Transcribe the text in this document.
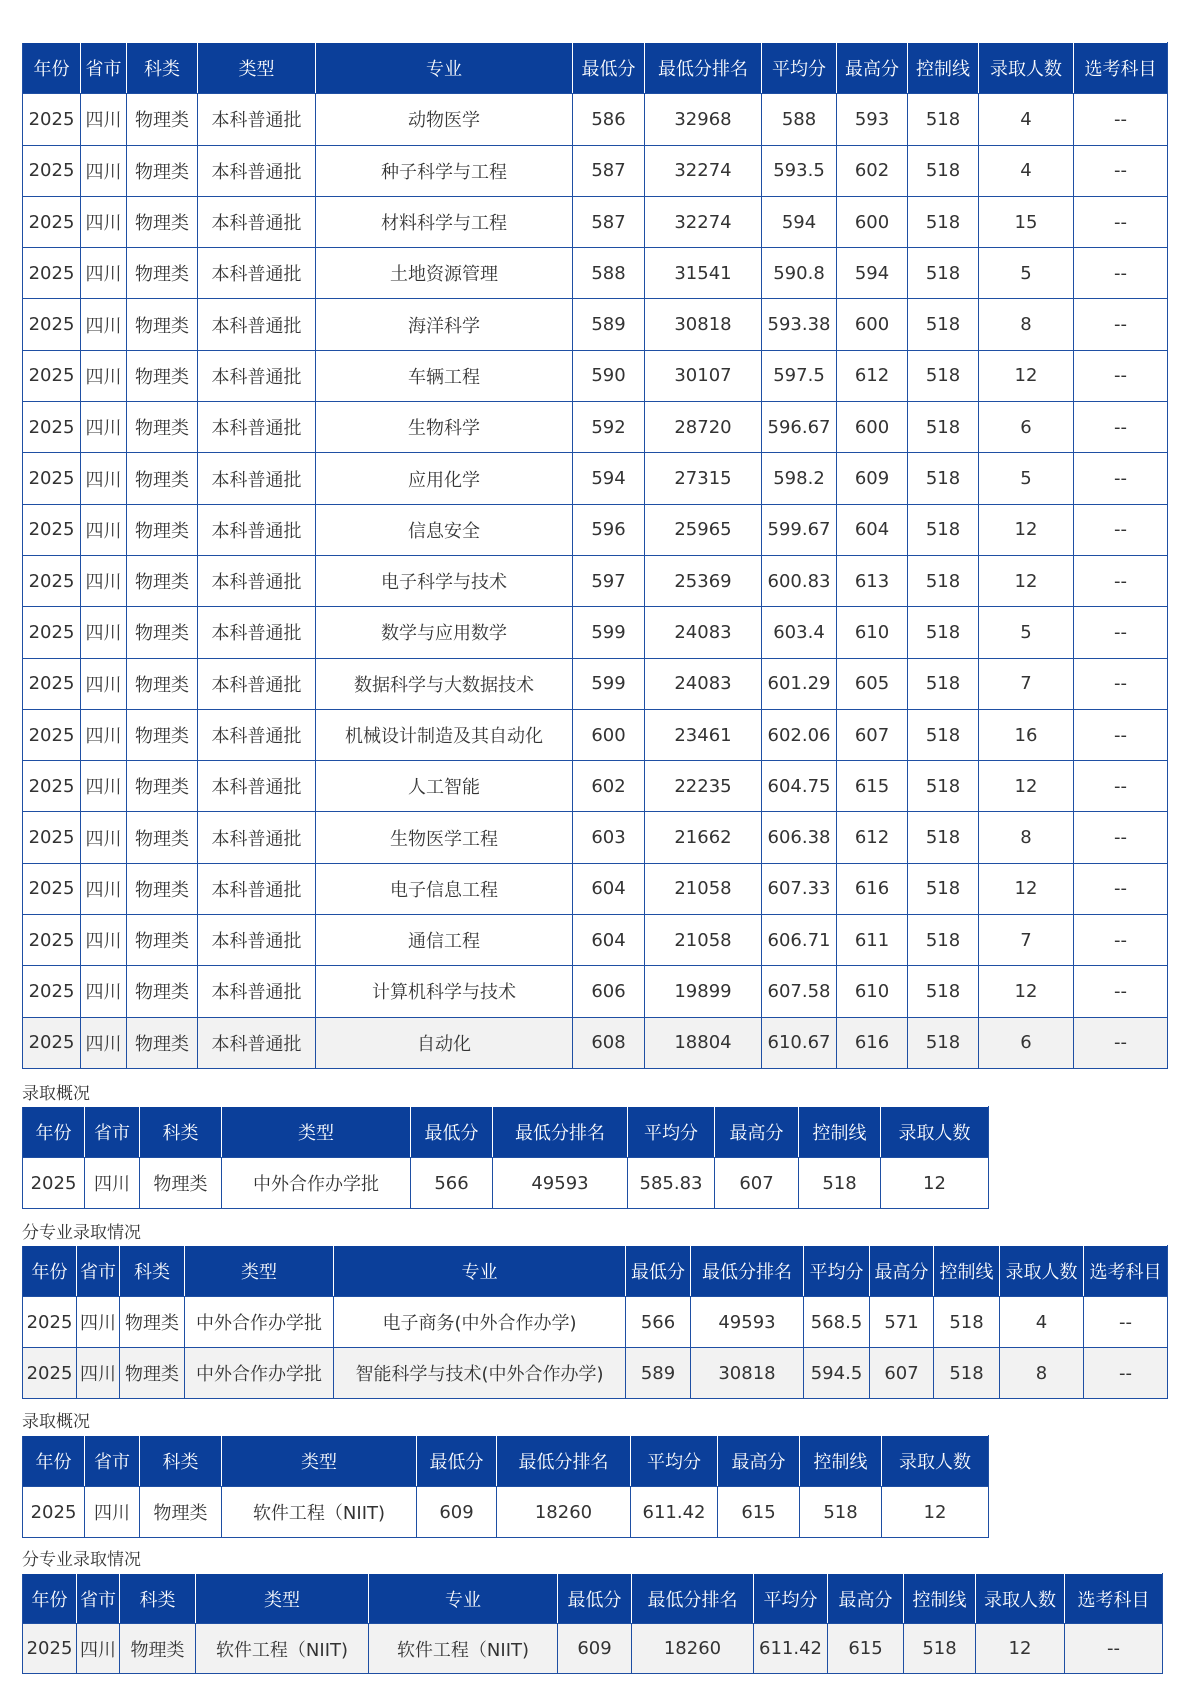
年份	省市	科类	类型	专业	最低分	最低分排名	平均分	最高分	控制线	录取人数	选考科目
2025	四川	物理类	本科普通批	动物医学	586	32968	588	593	518	4	--
2025	四川	物理类	本科普通批	种子科学与工程	587	32274	593.5	602	518	4	--
2025	四川	物理类	本科普通批	材料科学与工程	587	32274	594	600	518	15	--
2025	四川	物理类	本科普通批	土地资源管理	588	31541	590.8	594	518	5	--
2025	四川	物理类	本科普通批	海洋科学	589	30818	593.38	600	518	8	--
2025	四川	物理类	本科普通批	车辆工程	590	30107	597.5	612	518	12	--
2025	四川	物理类	本科普通批	生物科学	592	28720	596.67	600	518	6	--
2025	四川	物理类	本科普通批	应用化学	594	27315	598.2	609	518	5	--
2025	四川	物理类	本科普通批	信息安全	596	25965	599.67	604	518	12	--
2025	四川	物理类	本科普通批	电子科学与技术	597	25369	600.83	613	518	12	--
2025	四川	物理类	本科普通批	数学与应用数学	599	24083	603.4	610	518	5	--
2025	四川	物理类	本科普通批	数据科学与大数据技术	599	24083	601.29	605	518	7	--
2025	四川	物理类	本科普通批	机械设计制造及其自动化	600	23461	602.06	607	518	16	--
2025	四川	物理类	本科普通批	人工智能	602	22235	604.75	615	518	12	--
2025	四川	物理类	本科普通批	生物医学工程	603	21662	606.38	612	518	8	--
2025	四川	物理类	本科普通批	电子信息工程	604	21058	607.33	616	518	12	--
2025	四川	物理类	本科普通批	通信工程	604	21058	606.71	611	518	7	--
2025	四川	物理类	本科普通批	计算机科学与技术	606	19899	607.58	610	518	12	--
2025	四川	物理类	本科普通批	自动化	608	18804	610.67	616	518	6	--
录取概况
年份	省市	科类	类型	最低分	最低分排名	平均分	最高分	控制线	录取人数
2025	四川	物理类	中外合作办学批	566	49593	585.83	607	518	12
分专业录取情况
年份	省市	科类	类型	专业	最低分	最低分排名	平均分	最高分	控制线	录取人数	选考科目
2025	四川	物理类	中外合作办学批	电子商务(中外合作办学)	566	49593	568.5	571	518	4	--
2025	四川	物理类	中外合作办学批	智能科学与技术(中外合作办学)	589	30818	594.5	607	518	8	--
录取概况
年份	省市	科类	类型	最低分	最低分排名	平均分	最高分	控制线	录取人数
2025	四川	物理类	软件工程（NIIT)	609	18260	611.42	615	518	12
分专业录取情况
年份	省市	科类	类型	专业	最低分	最低分排名	平均分	最高分	控制线	录取人数	选考科目
2025	四川	物理类	软件工程（NIIT)	软件工程（NIIT)	609	18260	611.42	615	518	12	--
